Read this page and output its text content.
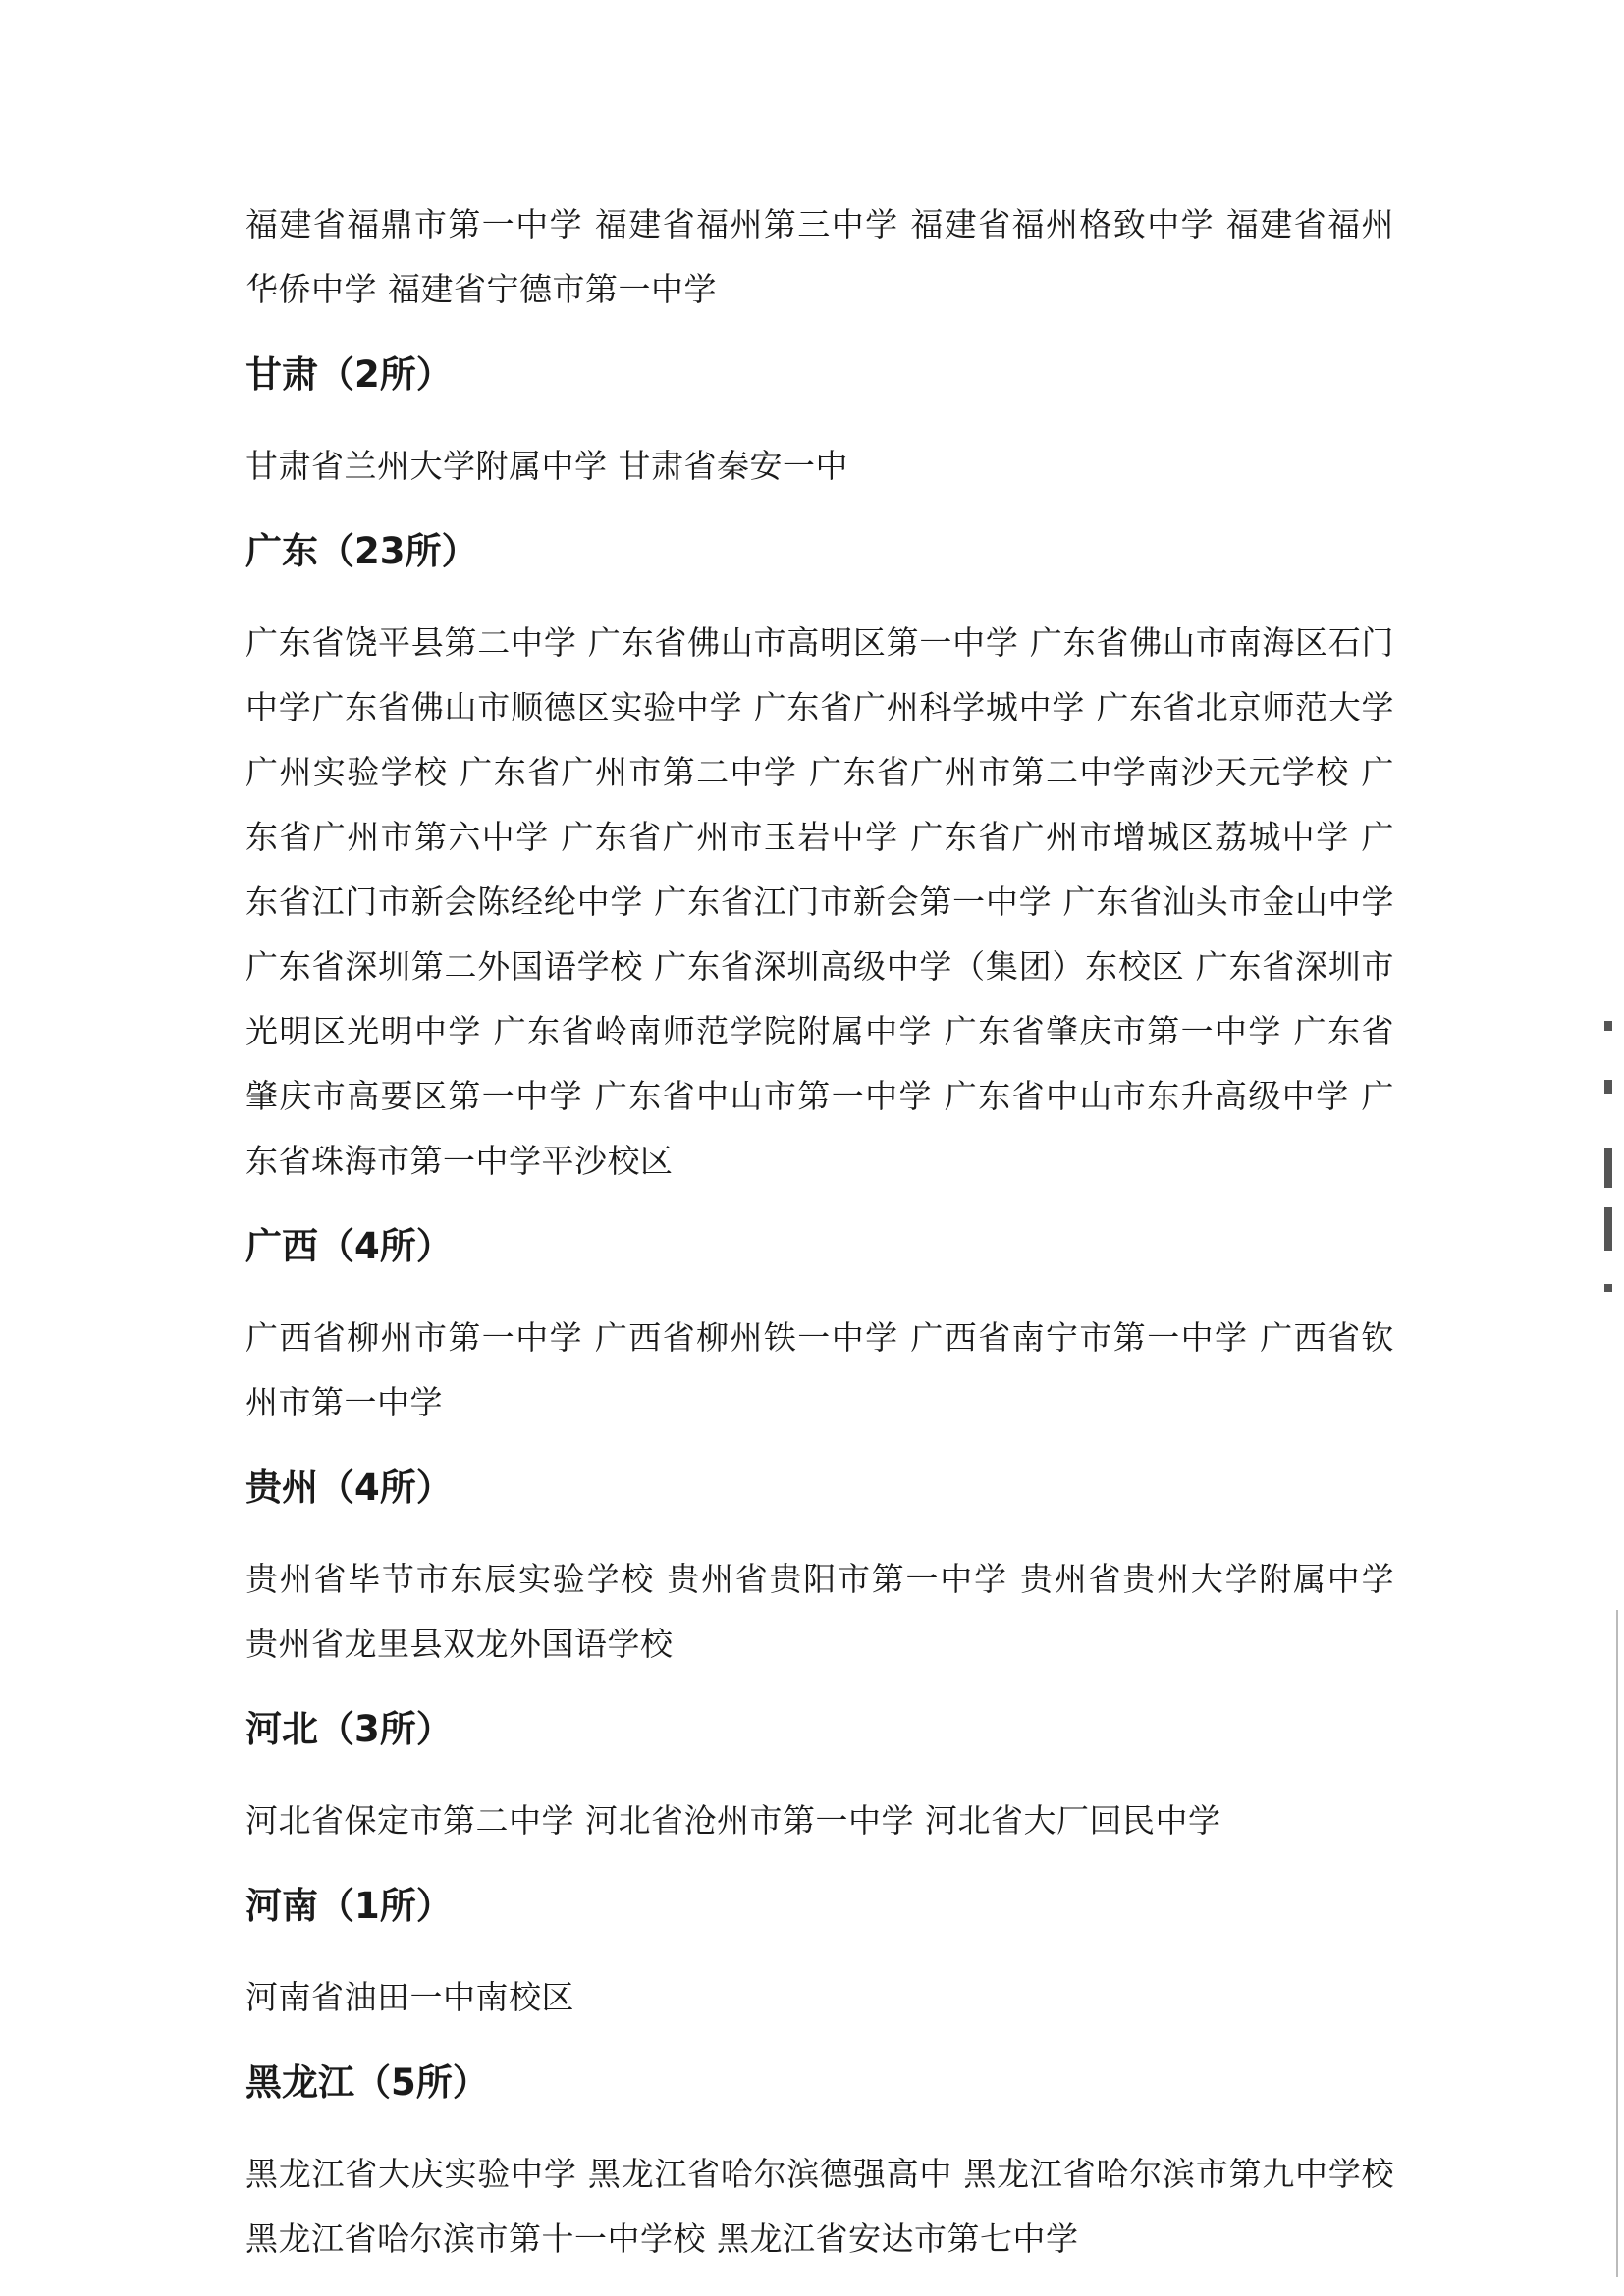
福建省福鼎市第一中学 福建省福州第三中学 福建省福州格致中学 福建省福州华侨中学 福建省宁德市第一中学

甘肃（2所）

甘肃省兰州大学附属中学 甘肃省秦安一中

广东（23所）

广东省饶平县第二中学 广东省佛山市高明区第一中学 广东省佛山市南海区石门中学广东省佛山市顺德区实验中学 广东省广州科学城中学 广东省北京师范大学广州实验学校 广东省广州市第二中学 广东省广州市第二中学南沙天元学校 广东省广州市第六中学 广东省广州市玉岩中学 广东省广州市增城区荔城中学 广东省江门市新会陈经纶中学 广东省江门市新会第一中学 广东省汕头市金山中学 广东省深圳第二外国语学校 广东省深圳高级中学（集团）东校区 广东省深圳市光明区光明中学 广东省岭南师范学院附属中学 广东省肇庆市第一中学 广东省肇庆市高要区第一中学 广东省中山市第一中学 广东省中山市东升高级中学 广东省珠海市第一中学平沙校区

广西（4所）

广西省柳州市第一中学 广西省柳州铁一中学 广西省南宁市第一中学 广西省钦州市第一中学

贵州（4所）

贵州省毕节市东辰实验学校 贵州省贵阳市第一中学 贵州省贵州大学附属中学 贵州省龙里县双龙外国语学校

河北（3所）

河北省保定市第二中学 河北省沧州市第一中学 河北省大厂回民中学

河南（1所）

河南省油田一中南校区

黑龙江（5所）

黑龙江省大庆实验中学 黑龙江省哈尔滨德强高中 黑龙江省哈尔滨市第九中学校 黑龙江省哈尔滨市第十一中学校 黑龙江省安达市第七中学
